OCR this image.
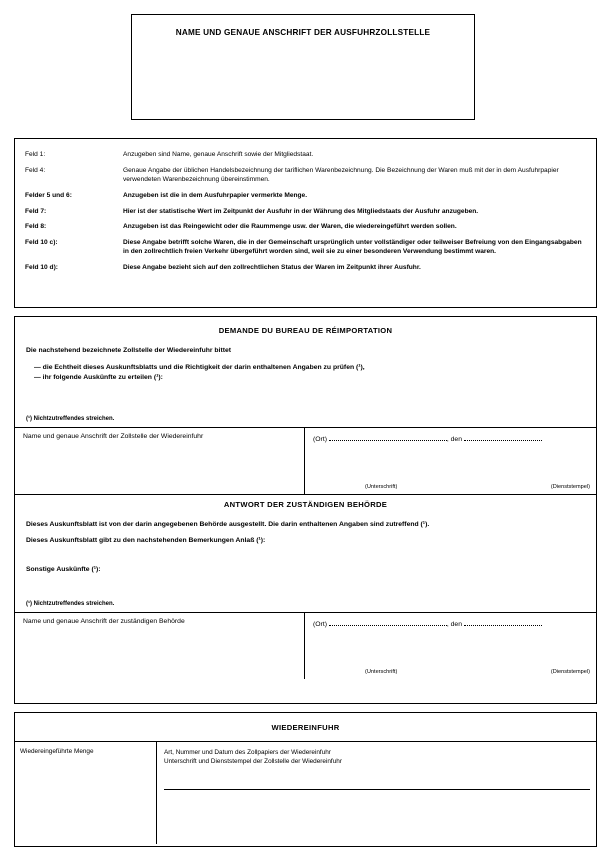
NAME UND GENAUE ANSCHRIFT DER AUSFUHRZOLLSTELLE
Feld 1:	Anzugeben sind Name, genaue Anschrift sowie der Mitgliedstaat.
Feld 4:	Genaue Angabe der üblichen Handelsbezeichnung der tariflichen Warenbezeichnung. Die Bezeichnung der Waren muß mit der in dem Ausfuhrpapier verwendeten Warenbezeichnung übereinstimmen.
Felder 5 und 6:	Anzugeben ist die in dem Ausfuhrpapier vermerkte Menge.
Feld 7:	Hier ist der statistische Wert im Zeitpunkt der Ausfuhr in der Währung des Mitgliedstaats der Ausfuhr anzugeben.
Feld 8:	Anzugeben ist das Reingewicht oder die Raummenge usw. der Waren, die wiedereingeführt werden sollen.
Feld 10 c):	Diese Angabe betrifft solche Waren, die in der Gemeinschaft ursprünglich unter vollständiger oder teilweiser Befreiung von den Eingangsabgaben in den zollrechtlich freien Verkehr übergeführt worden sind, weil sie zu einer besonderen Verwendung bestimmt waren.
Feld 10 d):	Diese Angabe bezieht sich auf den zollrechtlichen Status der Waren im Zeitpunkt ihrer Ausfuhr.
DEMANDE DU BUREAU DE RÉIMPORTATION
Die nachstehend bezeichnete Zollstelle der Wiedereinfuhr bittet
— die Echtheit dieses Auskunftsblatts und die Richtigkeit der darin enthaltenen Angaben zu prüfen (¹),
— ihr folgende Auskünfte zu erteilen (¹):
(¹) Nichtzutreffendes streichen.
Name und genaue Anschrift der Zollstelle der Wiedereinfuhr	(Ort)	, den
(Unterschrift)	(Dienststempel)
ANTWORT DER ZUSTÄNDIGEN BEHÖRDE
Dieses Auskunftsblatt ist von der darin angegebenen Behörde ausgestellt. Die darin enthaltenen Angaben sind zutreffend (¹).
Dieses Auskunftsblatt gibt zu den nachstehenden Bemerkungen Anlaß (¹):
Sonstige Auskünfte (¹):
(¹) Nichtzutreffendes streichen.
Name und genaue Anschrift der zuständigen Behörde	(Ort)	, den
(Unterschrift)	(Dienststempel)
WIEDEREINFUHR
Wiedereingeführte Menge	Art, Nummer und Datum des Zollpapiers der Wiedereinfuhr
Unterschrift und Dienststempel der Zollstelle der Wiedereinfuhr
